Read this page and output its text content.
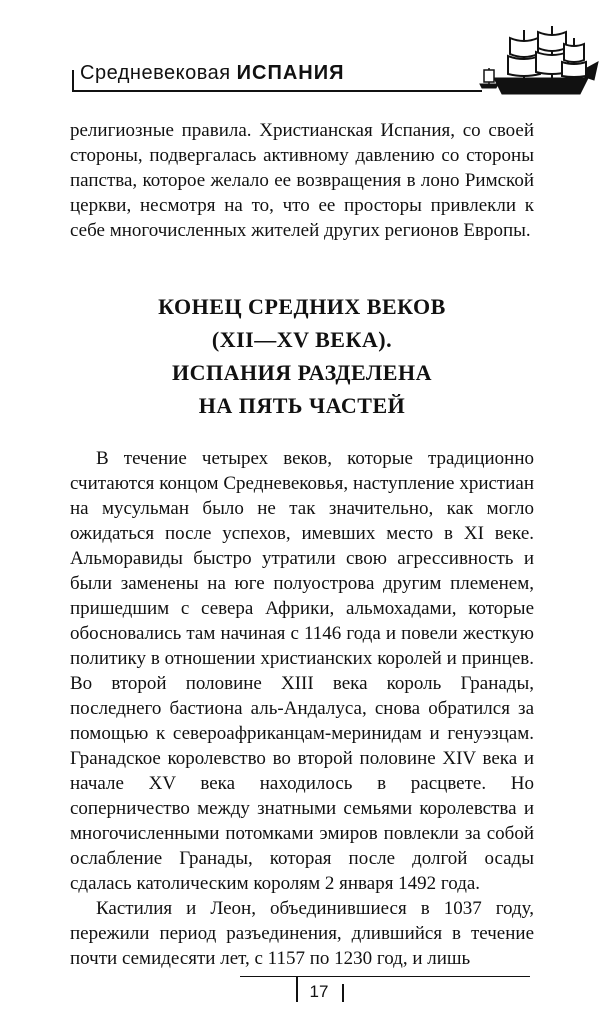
Средневековая ИСПАНИЯ

религиозные правила. Христианская Испания, со своей стороны, подвергалась активному давлению со стороны папства, которое желало ее возвращения в лоно Римской церкви, несмотря на то, что ее просторы привлекли к себе многочисленных жителей других регионов Европы.

КОНЕЦ СРЕДНИХ ВЕКОВ
(XII—XV ВЕКА).
ИСПАНИЯ РАЗДЕЛЕНА
НА ПЯТЬ ЧАСТЕЙ

В течение четырех веков, которые традиционно считаются концом Средневековья, наступление христиан на мусульман было не так значительно, как могло ожидаться после успехов, имевших место в XI веке. Альморавиды быстро утратили свою агрессивность и были заменены на юге полуострова другим племенем, пришедшим с севера Африки, альмохадами, которые обосновались там начиная с 1146 года и повели жесткую политику в отношении христианских королей и принцев. Во второй половине XIII века король Гранады, последнего бастиона аль-Андалуса, снова обратился за помощью к североафриканцам-меринидам и генуэзцам. Гранадское королевство во второй половине XIV века и начале XV века находилось в расцвете. Но соперничество между знатными семьями королевства и многочисленными потомками эмиров повлекли за собой ослабление Гранады, которая после долгой осады сдалась католическим королям 2 января 1492 года.

Кастилия и Леон, объединившиеся в 1037 году, пережили период разъединения, длившийся в течение почти семидесяти лет, с 1157 по 1230 год, и лишь

17
